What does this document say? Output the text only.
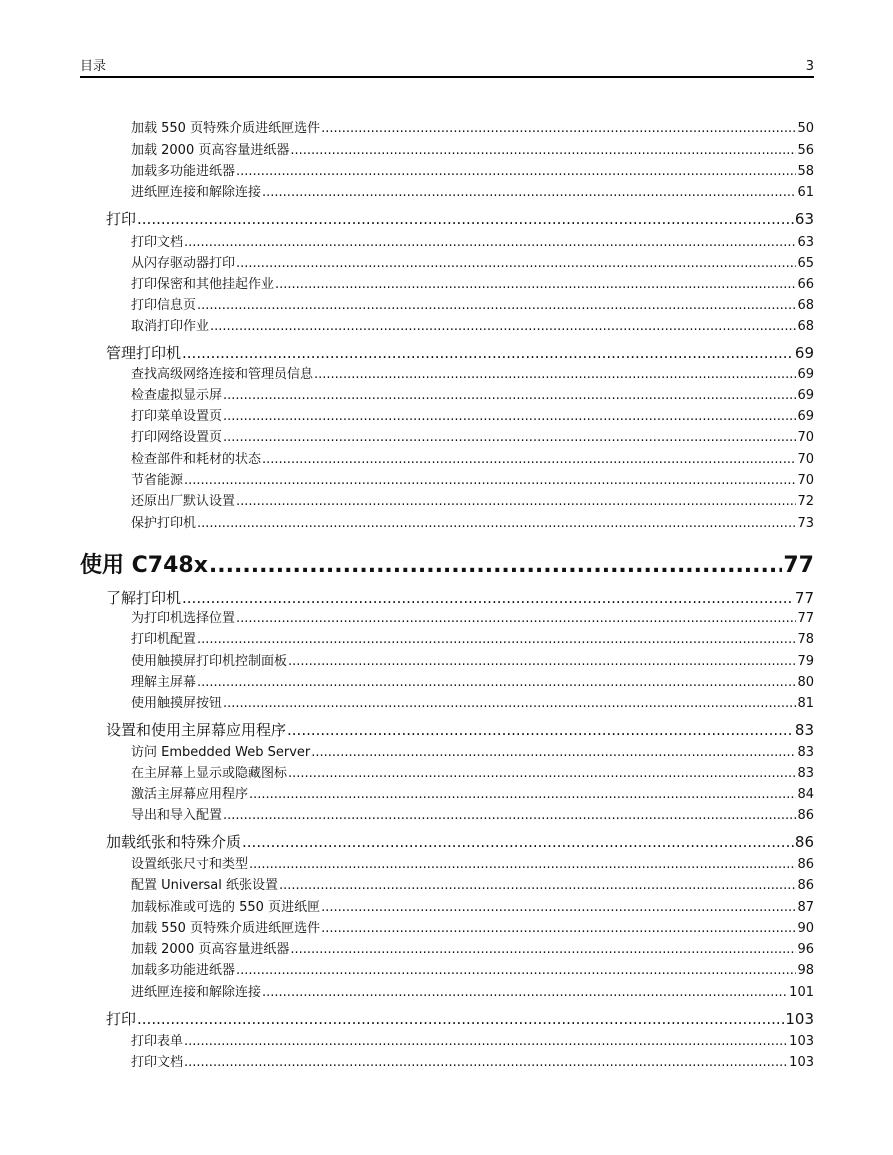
目录	3
加载 550 页特殊介质进纸匣选件 .....	50
加载 2000 页高容量进纸器 .....	56
加载多功能进纸器 .....	58
进纸匣连接和解除连接 .....	61
打印 .....	63
打印文档 .....	63
从闪存驱动器打印 .....	65
打印保密和其他挂起作业 .....	66
打印信息页 .....	68
取消打印作业 .....	68
管理打印机 .....	69
查找高级网络连接和管理员信息 .....	69
检查虚拟显示屏 .....	69
打印菜单设置页 .....	69
打印网络设置页 .....	70
检查部件和耗材的状态 .....	70
节省能源 .....	70
还原出厂默认设置 .....	72
保护打印机 .....	73
使用 C748x .....	77
了解打印机 .....	77
为打印机选择位置 .....	77
打印机配置 .....	78
使用触摸屏打印机控制面板 .....	79
理解主屏幕 .....	80
使用触摸屏按钮 .....	81
设置和使用主屏幕应用程序 .....	83
访问 Embedded Web Server .....	83
在主屏幕上显示或隐藏图标 .....	83
激活主屏幕应用程序 .....	84
导出和导入配置 .....	86
加载纸张和特殊介质 .....	86
设置纸张尺寸和类型 .....	86
配置 Universal 纸张设置 .....	86
加载标准或可选的 550 页进纸匣 .....	87
加载 550 页特殊介质进纸匣选件 .....	90
加载 2000 页高容量进纸器 .....	96
加载多功能进纸器 .....	98
进纸匣连接和解除连接 .....	101
打印 .....	103
打印表单 .....	103
打印文档 .....	103
